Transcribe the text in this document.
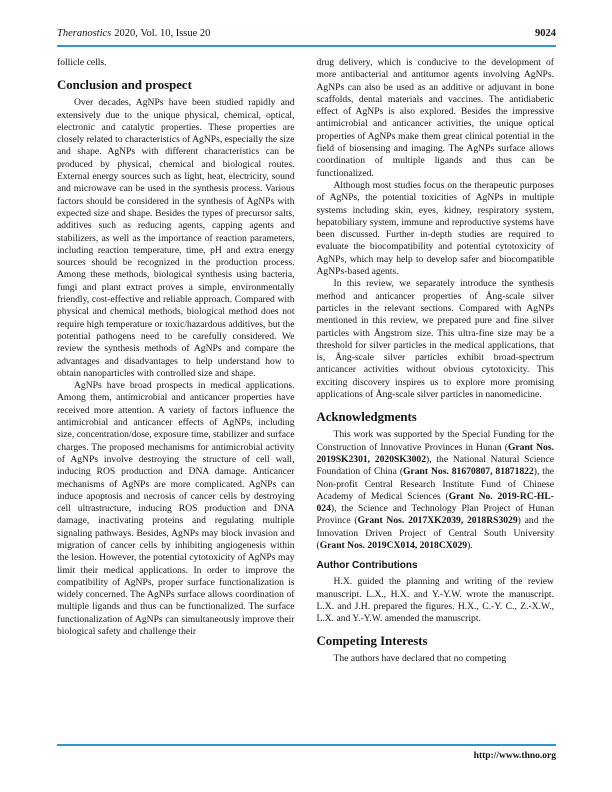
Theranostics 2020, Vol. 10, Issue 20	9024

follicle cells.

Conclusion and prospect

Over decades, AgNPs have been studied rapidly and extensively due to the unique physical, chemical, optical, electronic and catalytic properties. These properties are closely related to characteristics of AgNPs, especially the size and shape. AgNPs with different characteristics can be produced by physical, chemical and biological routes. External energy sources such as light, heat, electricity, sound and microwave can be used in the synthesis process. Various factors should be considered in the synthesis of AgNPs with expected size and shape. Besides the types of precursor salts, additives such as reducing agents, capping agents and stabilizers, as well as the importance of reaction parameters, including reaction temperature, time, pH and extra energy sources should be recognized in the production process. Among these methods, biological synthesis using bacteria, fungi and plant extract proves a simple, environmentally friendly, cost-effective and reliable approach. Compared with physical and chemical methods, biological method does not require high temperature or toxic/hazardous additives, but the potential pathogens need to be carefully considered. We review the synthesis methods of AgNPs and compare the advantages and disadvantages to help understand how to obtain nanoparticles with controlled size and shape.

AgNPs have broad prospects in medical applications. Among them, antimicrobial and anticancer properties have received more attention. A variety of factors influence the antimicrobial and anticancer effects of AgNPs, including size, concentration/dose, exposure time, stabilizer and surface charges. The proposed mechanisms for antimicrobial activity of AgNPs involve destroying the structure of cell wall, inducing ROS production and DNA damage. Anticancer mechanisms of AgNPs are more complicated. AgNPs can induce apoptosis and necrosis of cancer cells by destroying cell ultrastructure, inducing ROS production and DNA damage, inactivating proteins and regulating multiple signaling pathways. Besides, AgNPs may block invasion and migration of cancer cells by inhibiting angiogenesis within the lesion. However, the potential cytotoxicity of AgNPs may limit their medical applications. In order to improve the compatibility of AgNPs, proper surface functionalization is widely concerned. The AgNPs surface allows coordination of multiple ligands and thus can be functionalized. The surface functionalization of AgNPs can simultaneously improve their biological safety and challenge their

drug delivery, which is conducive to the development of more antibacterial and antitumor agents involving AgNPs. AgNPs can also be used as an additive or adjuvant in bone scaffolds, dental materials and vaccines. The antidiabetic effect of AgNPs is also explored. Besides the impressive antimicrobial and anticancer activities, the unique optical properties of AgNPs make them great clinical potential in the field of biosensing and imaging. The AgNPs surface allows coordination of multiple ligands and thus can be functionalized.

Although most studies focus on the therapeutic purposes of AgNPs, the potential toxicities of AgNPs in multiple systems including skin, eyes, kidney, respiratory system, hepatobiliary system, immune and reproductive systems have been discussed. Further in-depth studies are required to evaluate the biocompatibility and potential cytotoxicity of AgNPs, which may help to develop safer and biocompatible AgNPs-based agents.

In this review, we separately introduce the synthesis method and anticancer properties of Ång-scale silver particles in the relevant sections. Compared with AgNPs mentioned in this review, we prepared pure and fine silver particles with Ångstrom size. This ultra-fine size may be a threshold for silver particles in the medical applications, that is, Ång-scale silver particles exhibit broad-spectrum anticancer activities without obvious cytotoxicity. This exciting discovery inspires us to explore more promising applications of Ång-scale silver particles in nanomedicine.

Acknowledgments

This work was supported by the Special Funding for the Construction of Innovative Provinces in Hunan (Grant Nos. 2019SK2301, 2020SK3002), the National Natural Science Foundation of China (Grant Nos. 81670807, 81871822), the Non-profit Central Research Institute Fund of Chinese Academy of Medical Sciences (Grant No. 2019-RC-HL-024), the Science and Technology Plan Project of Hunan Province (Grant Nos. 2017XK2039, 2018RS3029) and the Innovation Driven Project of Central South University (Grant Nos. 2019CX014, 2018CX029).

Author Contributions

H.X. guided the planning and writing of the review manuscript. L.X., H.X. and Y.-Y.W. wrote the manuscript. L.X. and J.H. prepared the figures. H.X., C.-Y. C., Z.-X.W., L.X. and Y.-Y.W. amended the manuscript.

Competing Interests

The authors have declared that no competing

http://www.thno.org
